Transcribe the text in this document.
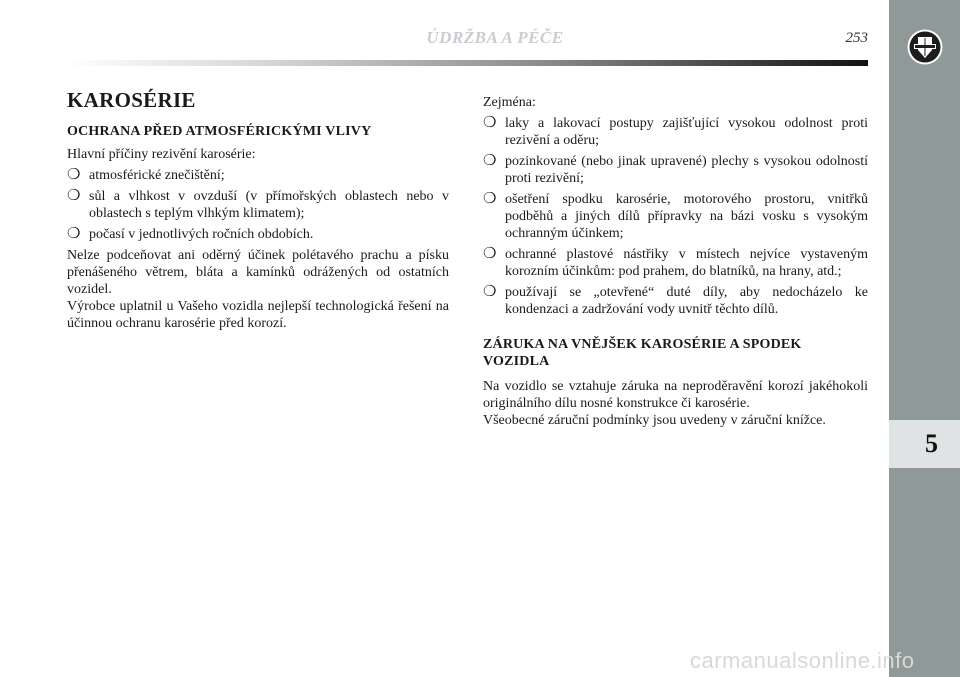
ÚDRŽBA A PÉČE	253
5
KAROSÉRIE
OCHRANA PŘED ATMOSFÉRICKÝMI VLIVY

Hlavní příčiny rezivění karosérie:

❍ atmosférické znečištění;
❍ sůl a vlhkost v ovzduší (v přímořských oblastech nebo v oblastech s teplým vlhkým klimatem);
❍ počasí v jednotlivých ročních obdobích.

Nelze podceňovat ani oděrný účinek polétavého prachu a písku přenášeného větrem, bláta a kamínků odrážených od ostatních vozidel.

Výrobce uplatnil u Vašeho vozidla nejlepší technologická řešení na účinnou ochranu karosérie před korozí.

Zejména:

❍ laky a lakovací postupy zajišťující vysokou odolnost proti rezivění a oděru;
❍ pozinkované (nebo jinak upravené) plechy s vysokou odolností proti rezivění;
❍ ošetření spodku karosérie, motorového prostoru, vnitřků podběhů a jiných dílů přípravky na bázi vosku s vysokým ochranným účinkem;
❍ ochranné plastové nástřiky v místech nejvíce vystaveným korozním účinkům: pod prahem, do blatníků, na hrany, atd.;
❍ používají se „otevřené“ duté díly, aby nedocházelo ke kondenzaci a zadržování vody uvnitř těchto dílů.
ZÁRUKA NA VNĚJŠEK KAROSÉRIE A SPODEK VOZIDLA

Na vozidlo se vztahuje záruka na neproděravění korozí jakéhokoli originálního dílu nosné konstrukce či karosérie.

Všeobecné záruční podmínky jsou uvedeny v záruční knížce.

carmanualsonline.info
